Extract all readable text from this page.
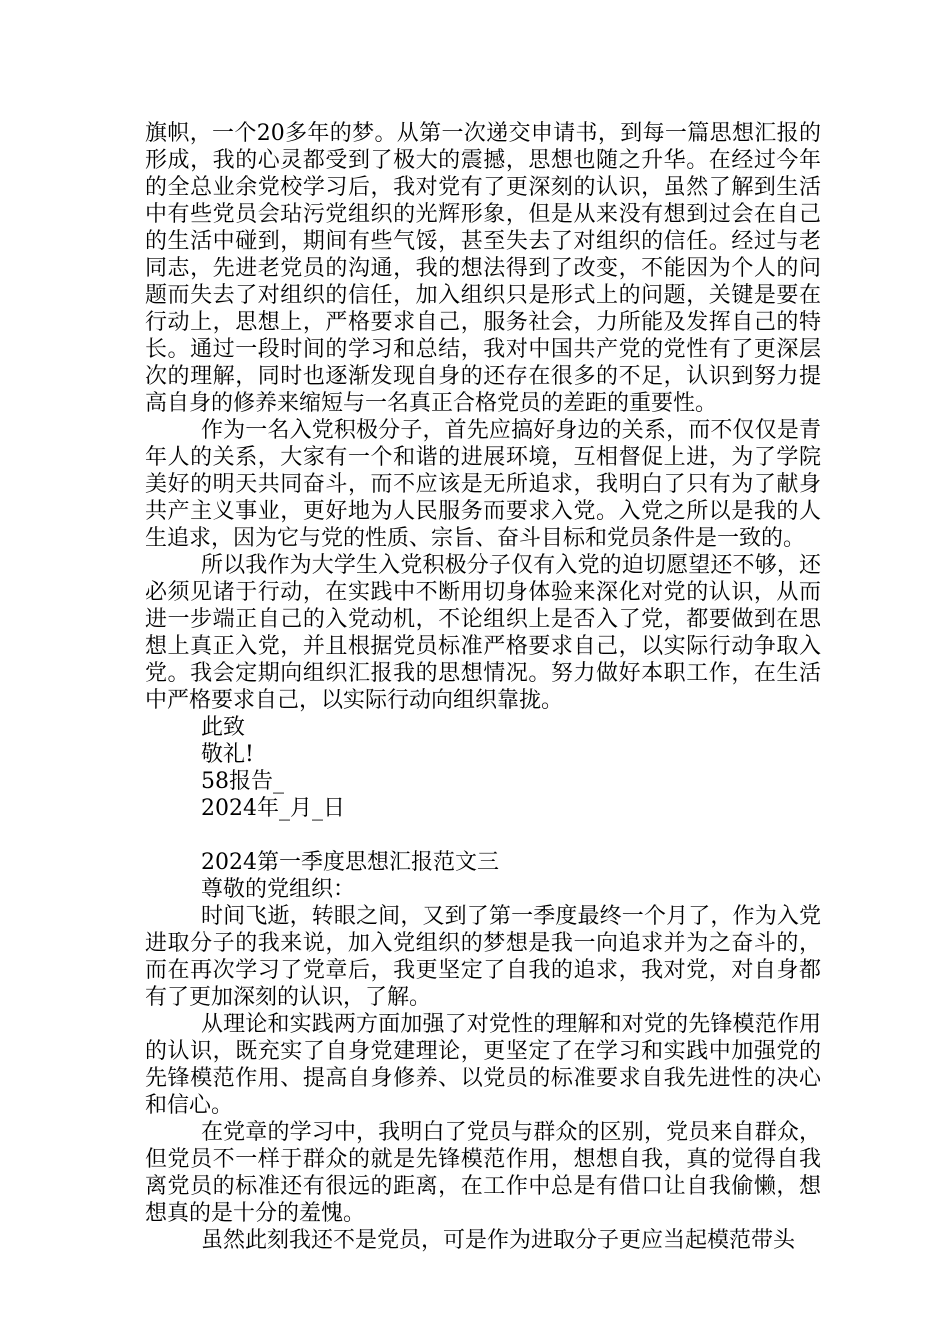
旗帜，一个20多年的梦。从第一次递交申请书，到每一篇思想汇报的形成，我的心灵都受到了极大的震撼，思想也随之升华。在经过今年的全总业余党校学习后，我对党有了更深刻的认识，虽然了解到生活中有些党员会玷污党组织的光辉形象，但是从来没有想到过会在自己的生活中碰到，期间有些气馁，甚至失去了对组织的信任。经过与老同志，先进老党员的沟通，我的想法得到了改变，不能因为个人的问题而失去了对组织的信任，加入组织只是形式上的问题，关键是要在行动上，思想上，严格要求自己，服务社会，力所能及发挥自己的特长。通过一段时间的学习和总结，我对中国共产党的党性有了更深层次的理解，同时也逐渐发现自身的还存在很多的不足，认识到努力提高自身的修养来缩短与一名真正合格党员的差距的重要性。

作为一名入党积极分子，首先应搞好身边的关系，而不仅仅是青年人的关系，大家有一个和谐的进展环境，互相督促上进，为了学院美好的明天共同奋斗，而不应该是无所追求，我明白了只有为了献身共产主义事业，更好地为人民服务而要求入党。入党之所以是我的人生追求，因为它与党的性质、宗旨、奋斗目标和党员条件是一致的。

所以我作为大学生入党积极分子仅有入党的迫切愿望还不够，还必须见诸于行动，在实践中不断用切身体验来深化对党的认识，从而进一步端正自己的入党动机，不论组织上是否入了党，都要做到在思想上真正入党，并且根据党员标准严格要求自己，以实际行动争取入党。我会定期向组织汇报我的思想情况。努力做好本职工作，在生活中严格要求自己，以实际行动向组织靠拢。

此致

敬礼!

58报告_

2024年_月_日

2024第一季度思想汇报范文三

尊敬的党组织：

时间飞逝，转眼之间，又到了第一季度最终一个月了，作为入党进取分子的我来说，加入党组织的梦想是我一向追求并为之奋斗的，而在再次学习了党章后，我更坚定了自我的追求，我对党，对自身都有了更加深刻的认识，了解。

从理论和实践两方面加强了对党性的理解和对党的先锋模范作用的认识，既充实了自身党建理论，更坚定了在学习和实践中加强党的先锋模范作用、提高自身修养、以党员的标准要求自我先进性的决心和信心。

在党章的学习中，我明白了党员与群众的区别，党员来自群众，但党员不一样于群众的就是先锋模范作用，想想自我，真的觉得自我离党员的标准还有很远的距离，在工作中总是有借口让自我偷懒，想想真的是十分的羞愧。

虽然此刻我还不是党员，可是作为进取分子更应当起模范带头
